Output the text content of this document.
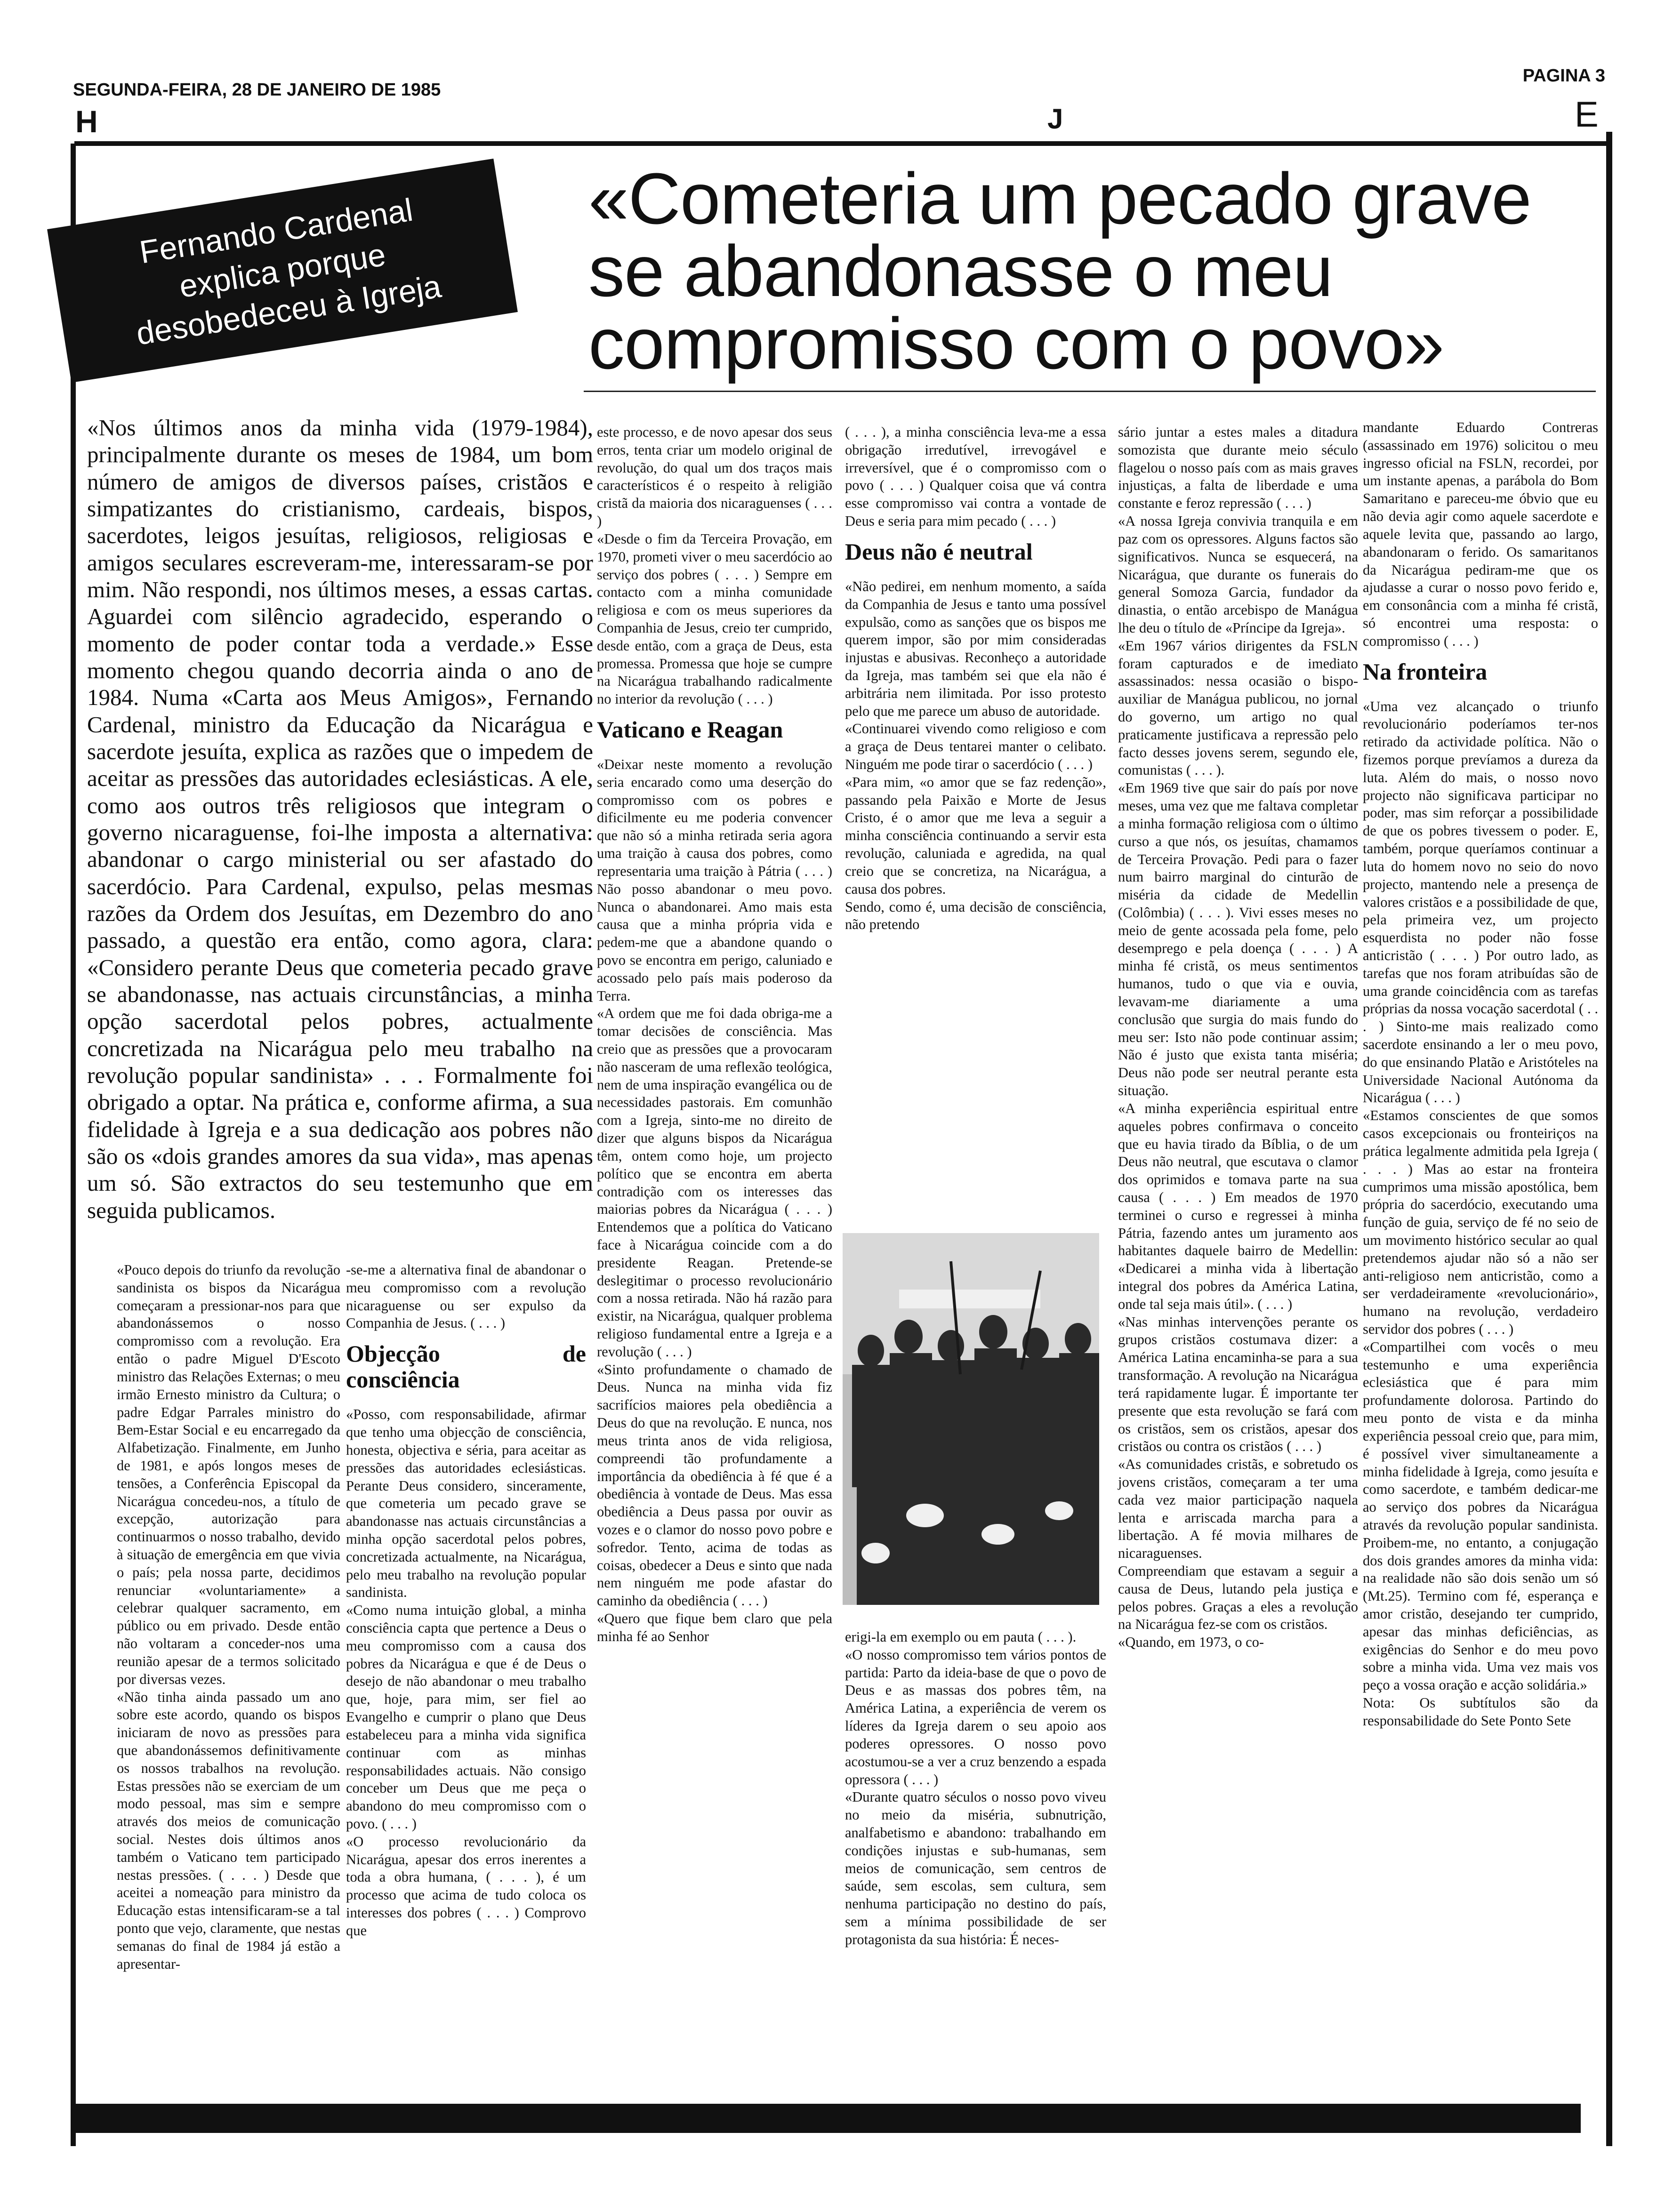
SEGUNDA-FEIRA, 28 DE JANEIRO DE 1985
PAGINA 3
H	J	E
Fernando Cardenal
explica porque
desobedeceu à Igreja
«Cometeria um pecado grave
se abandonasse o meu
compromisso com o povo»
«Nos últimos anos da minha vida (1979-1984), principalmente durante os meses de 1984, um bom número de amigos de diversos países, cristãos e simpatizantes do cristianismo, cardeais, bispos, sacerdotes, leigos jesuítas, religiosos, religiosas e amigos seculares escreveram-me, interessaram-se por mim. Não respondi, nos últimos meses, a essas cartas. Aguardei com silêncio agradecido, esperando o momento de poder contar toda a verdade.» Esse momento chegou quando decorria ainda o ano de 1984. Numa «Carta aos Meus Amigos», Fernando Cardenal, ministro da Educação da Nicarágua e sacerdote jesuíta, explica as razões que o impedem de aceitar as pressões das autoridades eclesiásticas. A ele, como aos outros três religiosos que integram o governo nicaraguense, foi-lhe imposta a alternativa: abandonar o cargo ministerial ou ser afastado do sacerdócio. Para Cardenal, expulso, pelas mesmas razões da Ordem dos Jesuítas, em Dezembro do ano passado, a questão era então, como agora, clara: «Considero perante Deus que cometeria pecado grave se abandonasse, nas actuais circunstâncias, a minha opção sacerdotal pelos pobres, actualmente concretizada na Nicarágua pelo meu trabalho na revolução popular sandinista» . . . Formalmente foi obrigado a optar. Na prática e, conforme afirma, a sua fidelidade à Igreja e a sua dedicação aos pobres não são os «dois grandes amores da sua vida», mas apenas um só. São extractos do seu testemunho que em seguida publicamos.

«Pouco depois do triunfo da revolução sandinista os bispos da Nicarágua começaram a pressionar-nos para que abandonássemos o nosso compromisso com a revolução. Era então o padre Miguel D'Escoto ministro das Relações Externas; o meu irmão Ernesto ministro da Cultura; o padre Edgar Parrales ministro do Bem-Estar Social e eu encarregado da Alfabetização. Finalmente, em Junho de 1981, e após longos meses de tensões, a Conferência Episcopal da Nicarágua concedeu-nos, a título de excepção, autorização para continuarmos o nosso trabalho, devido à situação de emergência em que vivia o país; pela nossa parte, decidimos renunciar «voluntariamente» a celebrar qualquer sacramento, em público ou em privado. Desde então não voltaram a conceder-nos uma reunião apesar de a termos solicitado por diversas vezes.

«Não tinha ainda passado um ano sobre este acordo, quando os bispos iniciaram de novo as pressões para que abandonássemos definitivamente os nossos trabalhos na revolução. Estas pressões não se exerciam de um modo pessoal, mas sim e sempre através dos meios de comunicação social. Nestes dois últimos anos também o Vaticano tem participado nestas pressões. ( . . . ) Desde que aceitei a nomeação para ministro da Educação estas intensificaram-se a tal ponto que vejo, claramente, que nestas semanas do final de 1984 já estão a apresentar-

-se-me a alternativa final de abandonar o meu compromisso com a revolução nicaraguense ou ser expulso da Companhia de Jesus. ( . . . )

Objecção de consciência

«Posso, com responsabilidade, afirmar que tenho uma objecção de consciência, honesta, objectiva e séria, para aceitar as pressões das autoridades eclesiásticas. Perante Deus considero, sinceramente, que cometeria um pecado grave se abandonasse nas actuais circunstâncias a minha opção sacerdotal pelos pobres, concretizada actualmente, na Nicarágua, pelo meu trabalho na revolução popular sandinista.

«Como numa intuição global, a minha consciência capta que pertence a Deus o meu compromisso com a causa dos pobres da Nicarágua e que é de Deus o desejo de não abandonar o meu trabalho que, hoje, para mim, ser fiel ao Evangelho e cumprir o plano que Deus estabeleceu para a minha vida significa continuar com as minhas responsabilidades actuais. Não consigo conceber um Deus que me peça o abandono do meu compromisso com o povo. ( . . . )

«O processo revolucionário da Nicarágua, apesar dos erros inerentes a toda a obra humana, ( . . . ), é um processo que acima de tudo coloca os interesses dos pobres ( . . . ) Comprovo que

este processo, e de novo apesar dos seus erros, tenta criar um modelo original de revolução, do qual um dos traços mais característicos é o respeito à religião cristã da maioria dos nicaraguenses ( . . . )

«Desde o fim da Terceira Provação, em 1970, prometi viver o meu sacerdócio ao serviço dos pobres ( . . . ) Sempre em contacto com a minha comunidade religiosa e com os meus superiores da Companhia de Jesus, creio ter cumprido, desde então, com a graça de Deus, esta promessa. Promessa que hoje se cumpre na Nicarágua trabalhando radicalmente no interior da revolução ( . . . )

Vaticano e Reagan

«Deixar neste momento a revolução seria encarado como uma deserção do compromisso com os pobres e dificilmente eu me poderia convencer que não só a minha retirada seria agora uma traição à causa dos pobres, como representaria uma traição à Pátria ( . . . ) Não posso abandonar o meu povo. Nunca o abandonarei. Amo mais esta causa que a minha própria vida e pedem-me que a abandone quando o povo se encontra em perigo, caluniado e acossado pelo país mais poderoso da Terra.

«A ordem que me foi dada obriga-me a tomar decisões de consciência. Mas creio que as pressões que a provocaram não nasceram de uma reflexão teológica, nem de uma inspiração evangélica ou de necessidades pastorais. Em comunhão com a Igreja, sinto-me no direito de dizer que alguns bispos da Nicarágua têm, ontem como hoje, um projecto político que se encontra em aberta contradição com os interesses das maiorias pobres da Nicarágua ( . . . ) Entendemos que a política do Vaticano face à Nicarágua coincide com a do presidente Reagan. Pretende-se deslegitimar o processo revolucionário com a nossa retirada. Não há razão para existir, na Nicarágua, qualquer problema religioso fundamental entre a Igreja e a revolução ( . . . )

«Sinto profundamente o chamado de Deus. Nunca na minha vida fiz sacrifícios maiores pela obediência a Deus do que na revolução. E nunca, nos meus trinta anos de vida religiosa, compreendi tão profundamente a importância da obediência à fé que é a obediência à vontade de Deus. Mas essa obediência a Deus passa por ouvir as vozes e o clamor do nosso povo pobre e sofredor. Tento, acima de todas as coisas, obedecer a Deus e sinto que nada nem ninguém me pode afastar do caminho da obediência ( . . . )

«Quero que fique bem claro que pela minha fé ao Senhor

( . . . ), a minha consciência leva-me a essa obrigação irredutível, irrevogável e irreversível, que é o compromisso com o povo ( . . . ) Qualquer coisa que vá contra esse compromisso vai contra a vontade de Deus e seria para mim pecado ( . . . )

Deus não é neutral

«Não pedirei, em nenhum momento, a saída da Companhia de Jesus e tanto uma possível expulsão, como as sanções que os bispos me querem impor, são por mim consideradas injustas e abusivas. Reconheço a autoridade da Igreja, mas também sei que ela não é arbitrária nem ilimitada. Por isso protesto pelo que me parece um abuso de autoridade.

«Continuarei vivendo como religioso e com a graça de Deus tentarei manter o celibato. Ninguém me pode tirar o sacerdócio ( . . . )

«Para mim, «o amor que se faz redenção», passando pela Paixão e Morte de Jesus Cristo, é o amor que me leva a seguir a minha consciência continuando a servir esta revolução, caluniada e agredida, na qual creio que se concretiza, na Nicarágua, a causa dos pobres.

Sendo, como é, uma decisão de consciência, não pretendo

erigi-la em exemplo ou em pauta ( . . . ).

«O nosso compromisso tem vários pontos de partida: Parto da ideia-base de que o povo de Deus e as massas dos pobres têm, na América Latina, a experiência de verem os líderes da Igreja darem o seu apoio aos poderes opressores. O nosso povo acostumou-se a ver a cruz benzendo a espada opressora ( . . . )

«Durante quatro séculos o nosso povo viveu no meio da miséria, subnutrição, analfabetismo e abandono: trabalhando em condições injustas e sub-humanas, sem meios de comunicação, sem centros de saúde, sem escolas, sem cultura, sem nenhuma participação no destino do país, sem a mínima possibilidade de ser protagonista da sua história: É neces-

sário juntar a estes males a ditadura somozista que durante meio século flagelou o nosso país com as mais graves injustiças, a falta de liberdade e uma constante e feroz repressão ( . . . )

«A nossa Igreja convivia tranquila e em paz com os opressores. Alguns factos são significativos. Nunca se esquecerá, na Nicarágua, que durante os funerais do general Somoza Garcia, fundador da dinastia, o então arcebispo de Manágua lhe deu o título de «Príncipe da Igreja».

«Em 1967 vários dirigentes da FSLN foram capturados e de imediato assassinados: nessa ocasião o bispo-auxiliar de Manágua publicou, no jornal do governo, um artigo no qual praticamente justificava a repressão pelo facto desses jovens serem, segundo ele, comunistas ( . . . ).

«Em 1969 tive que sair do país por nove meses, uma vez que me faltava completar a minha formação religiosa com o último curso a que nós, os jesuítas, chamamos de Terceira Provação. Pedi para o fazer num bairro marginal do cinturão de miséria da cidade de Medellin (Colômbia) ( . . . ). Vivi esses meses no meio de gente acossada pela fome, pelo desemprego e pela doença ( . . . ) A minha fé cristã, os meus sentimentos humanos, tudo o que via e ouvia, levavam-me diariamente a uma conclusão que surgia do mais fundo do meu ser: Isto não pode continuar assim; Não é justo que exista tanta miséria; Deus não pode ser neutral perante esta situação.

«A minha experiência espiritual entre aqueles pobres confirmava o conceito que eu havia tirado da Bíblia, o de um Deus não neutral, que escutava o clamor dos oprimidos e tomava parte na sua causa ( . . . ) Em meados de 1970 terminei o curso e regressei à minha Pátria, fazendo antes um juramento aos habitantes daquele bairro de Medellin: «Dedicarei a minha vida à libertação integral dos pobres da América Latina, onde tal seja mais útil». ( . . . )

«Nas minhas intervenções perante os grupos cristãos costumava dizer: a América Latina encaminha-se para a sua transformação. A revolução na Nicarágua terá rapidamente lugar. É importante ter presente que esta revolução se fará com os cristãos, sem os cristãos, apesar dos cristãos ou contra os cristãos ( . . . )

«As comunidades cristãs, e sobretudo os jovens cristãos, começaram a ter uma cada vez maior participação naquela lenta e arriscada marcha para a libertação. A fé movia milhares de nicaraguenses.

Compreendiam que estavam a seguir a causa de Deus, lutando pela justiça e pelos pobres. Graças a eles a revolução na Nicarágua fez-se com os cristãos.

«Quando, em 1973, o co-

mandante Eduardo Contreras (assassinado em 1976) solicitou o meu ingresso oficial na FSLN, recordei, por um instante apenas, a parábola do Bom Samaritano e pareceu-me óbvio que eu não devia agir como aquele sacerdote e aquele levita que, passando ao largo, abandonaram o ferido. Os samaritanos da Nicarágua pediram-me que os ajudasse a curar o nosso povo ferido e, em consonância com a minha fé cristã, só encontrei uma resposta: o compromisso ( . . . )

Na fronteira

«Uma vez alcançado o triunfo revolucionário poderíamos ter-nos retirado da actividade política. Não o fizemos porque prevíamos a dureza da luta. Além do mais, o nosso novo projecto não significava participar no poder, mas sim reforçar a possibilidade de que os pobres tivessem o poder. E, também, porque queríamos continuar a luta do homem novo no seio do novo projecto, mantendo nele a presença de valores cristãos e a possibilidade de que, pela primeira vez, um projecto esquerdista no poder não fosse anticristão ( . . . ) Por outro lado, as tarefas que nos foram atribuídas são de uma grande coincidência com as tarefas próprias da nossa vocação sacerdotal ( . . . ) Sinto-me mais realizado como sacerdote ensinando a ler o meu povo, do que ensinando Platão e Aristóteles na Universidade Nacional Autónoma da Nicarágua ( . . . )

«Estamos conscientes de que somos casos excepcionais ou fronteiriços na prática legalmente admitida pela Igreja ( . . . ) Mas ao estar na fronteira cumprimos uma missão apostólica, bem própria do sacerdócio, executando uma função de guia, serviço de fé no seio de um movimento histórico secular ao qual pretendemos ajudar não só a não ser anti-religioso nem anticristão, como a ser verdadeiramente «revolucionário», humano na revolução, verdadeiro servidor dos pobres ( . . . )

«Compartilhei com vocês o meu testemunho e uma experiência eclesiástica que é para mim profundamente dolorosa. Partindo do meu ponto de vista e da minha experiência pessoal creio que, para mim, é possível viver simultaneamente a minha fidelidade à Igreja, como jesuíta e como sacerdote, e também dedicar-me ao serviço dos pobres da Nicarágua através da revolução popular sandinista. Proibem-me, no entanto, a conjugação dos dois grandes amores da minha vida: na realidade não são dois senão um só (Mt.25). Termino com fé, esperança e amor cristão, desejando ter cumprido, apesar das minhas deficiências, as exigências do Senhor e do meu povo sobre a minha vida. Uma vez mais vos peço a vossa oração e acção solidária.»

Nota: Os subtítulos são da responsabilidade do Sete Ponto Sete
